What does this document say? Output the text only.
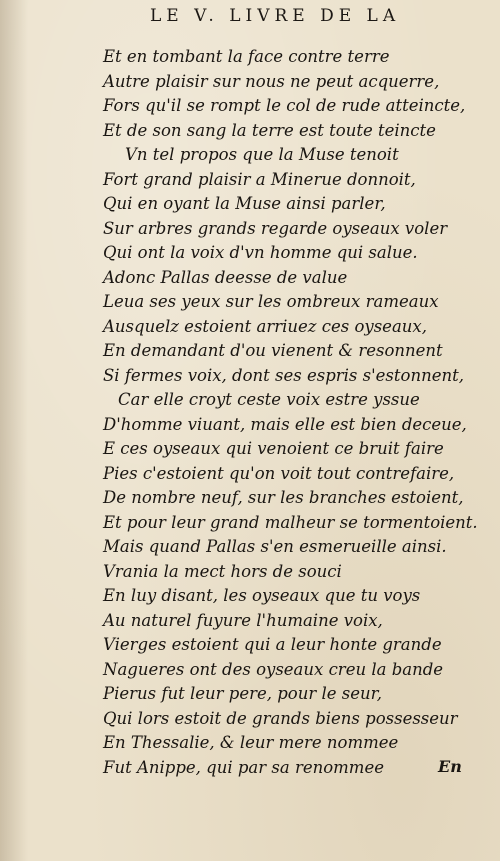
LE V. LIVRE DE LA
Et en tombant la face contre terre
Autre plaisir sur nous ne peut acquerre,
Fors qu'il se rompt le col de rude atteincte,
Et de son sang la terre est toute teincte
Vn tel propos que la Muse tenoit
Fort grand plaisir a Minerue donnoit,
Qui en oyant la Muse ainsi parler,
Sur arbres grands regarde oyseaux voler
Qui ont la voix d'vn homme qui salue.
Adonc Pallas deesse de value
Leua ses yeux sur les ombreux rameaux
Ausquelz estoient arriuez ces oyseaux,
En demandant d'ou vienent & resonnent
Si fermes voix, dont ses espris s'estonnent,
Car elle croyt ceste voix estre yssue
D'homme viuant, mais elle est bien deceue,
E ces oyseaux qui venoient ce bruit faire
Pies c'estoient qu'on voit tout contrefaire,
De nombre neuf, sur les branches estoient,
Et pour leur grand malheur se tormentoient.
Mais quand Pallas s'en esmerueille ainsi.
Vrania la mect hors de souci
En luy disant, les oyseaux que tu voys
Au naturel fuyure l'humaine voix,
Vierges estoient qui a leur honte grande
Nagueres ont des oyseaux creu la bande
Pierus fut leur pere, pour le seur,
Qui lors estoit de grands biens possesseur
En Thessalie, & leur mere nommee
Fut Anippe, qui par sa renommee	En
